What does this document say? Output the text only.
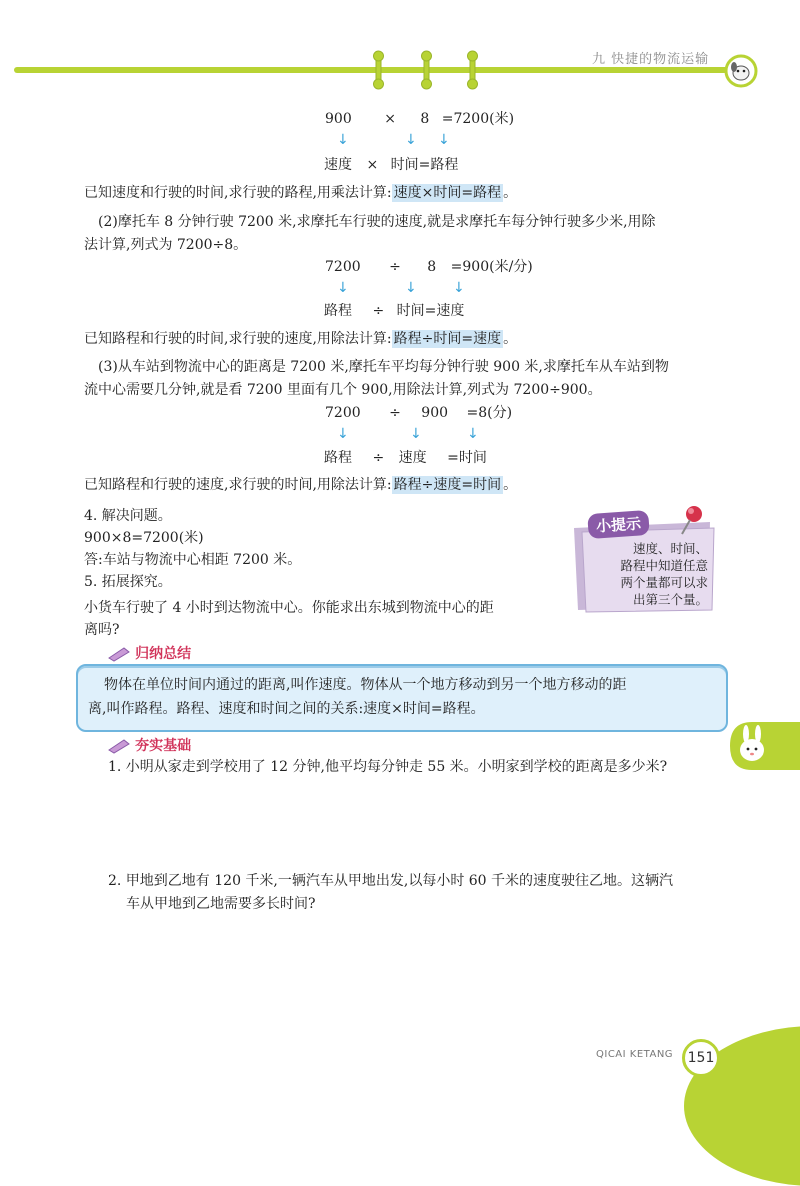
九 快捷的物流运输
900 × 8 =7200(米)
↓	↓ ↓
速度 × 时间=路程
已知速度和行驶的时间,求行驶的路程,用乘法计算: 速度×时间=路程 。
(2)摩托车 8 分钟行驶 7200 米,求摩托车行驶的速度,就是求摩托车每分钟行驶多少米,用除
法计算,列式为 7200÷8。
7200 ÷ 8 =900(米/分)
↓	↓	↓
路程 ÷ 时间=速度
已知路程和行驶的时间,求行驶的速度,用除法计算: 路程÷时间=速度 。
(3)从车站到物流中心的距离是 7200 米,摩托车平均每分钟行驶 900 米,求摩托车从车站到物
流中心需要几分钟,就是看 7200 里面有几个 900,用除法计算,列式为 7200÷900。
7200 ÷ 900 =8(分)
↓	↓	↓
路程 ÷ 速度 =时间
已知路程和行驶的速度,求行驶的时间,用除法计算: 路程÷速度=时间 。
4. 解决问题。
900×8=7200(米)
答:车站与物流中心相距 7200 米。
5. 拓展探究。
小货车行驶了 4 小时到达物流中心。你能求出东城到物流中心的距
离吗?
小提示
速度、时间、
路程中知道任意
两个量都可以求
出第三个量。
归纳总结
物体在单位时间内通过的距离,叫作速度。物体从一个地方移动到另一个地方移动的距
离,叫作路程。路程、速度和时间之间的关系:速度×时间=路程。
夯实基础
1. 小明从家走到学校用了 12 分钟,他平均每分钟走 55 米。小明家到学校的距离是多少米?
2. 甲地到乙地有 120 千米,一辆汽车从甲地出发,以每小时 60 千米的速度驶往乙地。这辆汽
车从甲地到乙地需要多长时间?
QICAI KETANG 151
